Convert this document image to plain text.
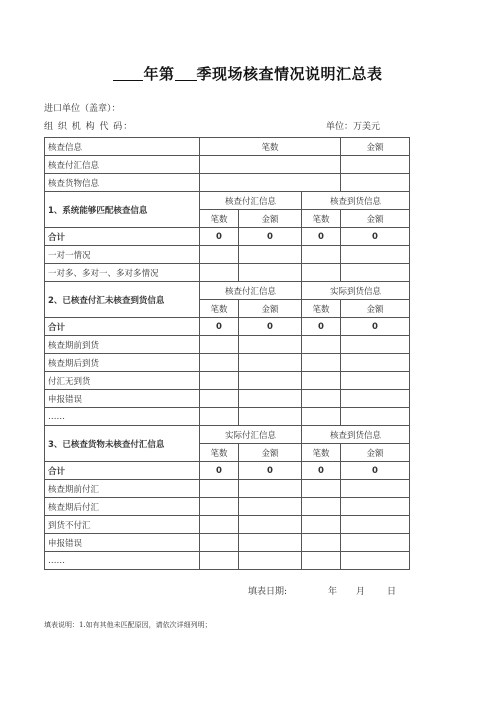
年第 季现场核查情况说明汇总表
进口单位（盖章）：
组 织 机 构 代 码：	单位：万美元
核查信息	笔数			金额
核查付汇信息				
核查货物信息				
1、系统能够匹配核查信息	核查付汇信息		核查到货信息	
	笔数	金额	笔数	金额
合计	0	0	0	0
一对一情况				
一对多、多对一、多对多情况				
2、已核查付汇未核查到货信息	核查付汇信息		实际到货信息	
	笔数	金额	笔数	金额
合计	0	0	0	0
核查期前到货				
核查期后到货				
付汇无到货				
申报错误				
……				
3、已核查货物未核查付汇信息	实际付汇信息		核查到货信息	
	笔数	金额	笔数	金额
合计	0	0	0	0
核查期前付汇				
核查期后付汇				
到货不付汇				
申报错误				
……				
填表日期:	年 月 日
填表说明：1.如有其他未匹配原因，请依次详细列明；
